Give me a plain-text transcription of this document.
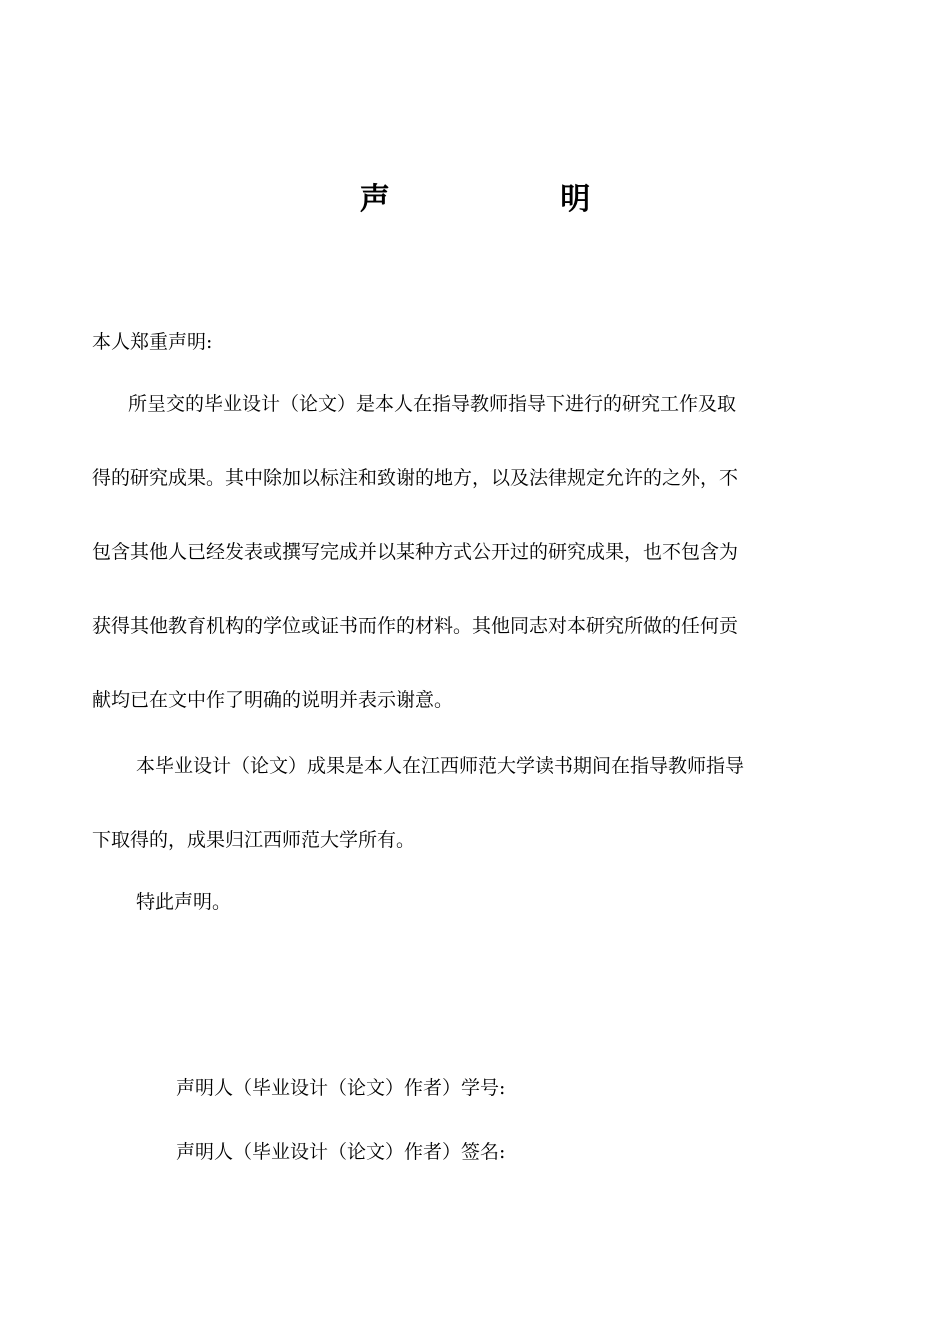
声 明
本人郑重声明:
所呈交的毕业设计（论文）是本人在指导教师指导下进行的研究工作及取
得的研究成果。其中除加以标注和致谢的地方，以及法律规定允许的之外，不
包含其他人已经发表或撰写完成并以某种方式公开过的研究成果，也不包含为
获得其他教育机构的学位或证书而作的材料。其他同志对本研究所做的任何贡
献均已在文中作了明确的说明并表示谢意。
本毕业设计（论文）成果是本人在江西师范大学读书期间在指导教师指导
下取得的，成果归江西师范大学所有。
特此声明。
声明人（毕业设计（论文）作者）学号:
声明人（毕业设计（论文）作者）签名:
